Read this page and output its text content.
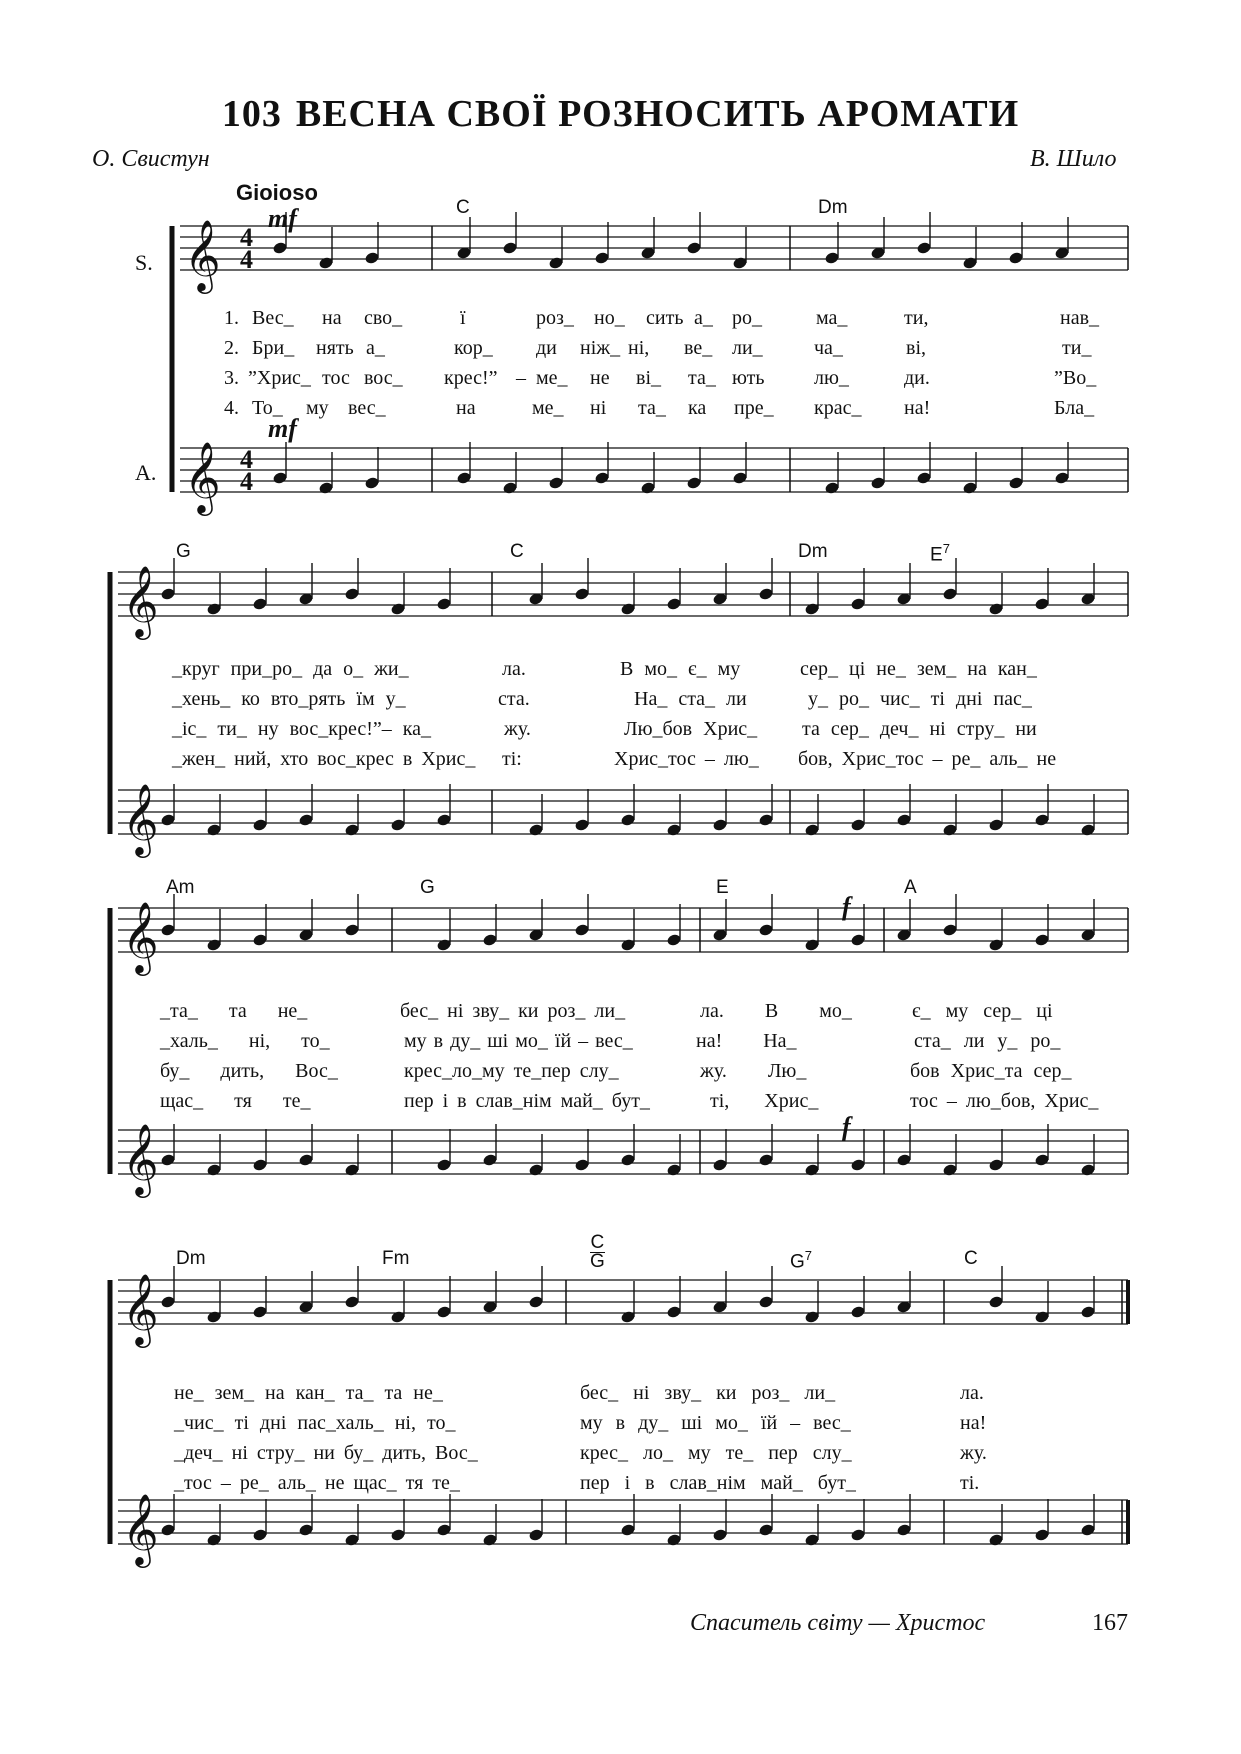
103 ВЕСНА СВОЇ РОЗНОСИТЬ АРОМАТИ
О. Свистун	В. Шило
Gioioso
S.
A.
mf
mf
f
f
C	Dm
G	C	Dm	$E^7$
Am	G	E	A
Dm	Fm
C
G	$G^7$	C
𝄞
𝄞
𝄞
𝄞
𝄞
𝄞
𝄞
𝄞
4
4
4
4
1. Вес_ на сво_	ї	роз_ но_ сить а_ ро_	ма_	ти,	нав_
2. Бри_ нять а_	кор_ ди ніж_ ні, ве_ ли_	ча_	ві,	ти_
3. ”Хрис_ тос вос_ крес!” – ме_ не ві_ та_ ють лю_	ди.	”Во_
4. То_ му вес_	на	ме_ ні та_ ка пре_ крас_ на!	Бла_
_круг при_ро_ да о_ жи_	ла.	В мо_ є_ му	сер_ ці не_ зем_ на кан_
_хень_ ко вто_рять їм у_	ста.	На_ ста_ ли	у_ ро_ чис_ ті дні пас_
_іс_ ти_ ну вос_крес!”– ка_	жу.	Лю_бов Хрис_ та сер_ деч_ ні стру_ ни
_жен_ ний, хто вос_крес в Хрис_ ті:	Хрис_тос – лю_ бов, Хрис_тос – ре_ аль_ не
_та_ та не_	бес_ ні зву_ ки роз_ ли_	ла. В мо_	є_ му сер_ ці
_халь_ ні, то_	му в ду_ ші мо_ їй – вес_	на! На_	ста_ ли у_ ро_
бу_ дить, Вос_	крес_ло_му те_пер слу_	жу. Лю_	бов Хрис_та сер_
щас_ тя те_	пер і в слав_нім май_ бут_	ті, Хрис_	тос – лю_бов, Хрис_
не_ зем_ на кан_ та_ та не_	бес_ ні зву_ ки роз_ ли_	ла.
_чис_ ті дні пас_халь_ ні, то_	му в ду_ ші мо_ їй – вес_	на!
_деч_ ні стру_ ни бу_ дить, Вос_	крес_ ло_ му те_ пер слу_	жу.
_тос – ре_ аль_ не щас_ тя те_	пер і в слав_нім май_ бут_	ті.
Спаситель світу — Христос	167
